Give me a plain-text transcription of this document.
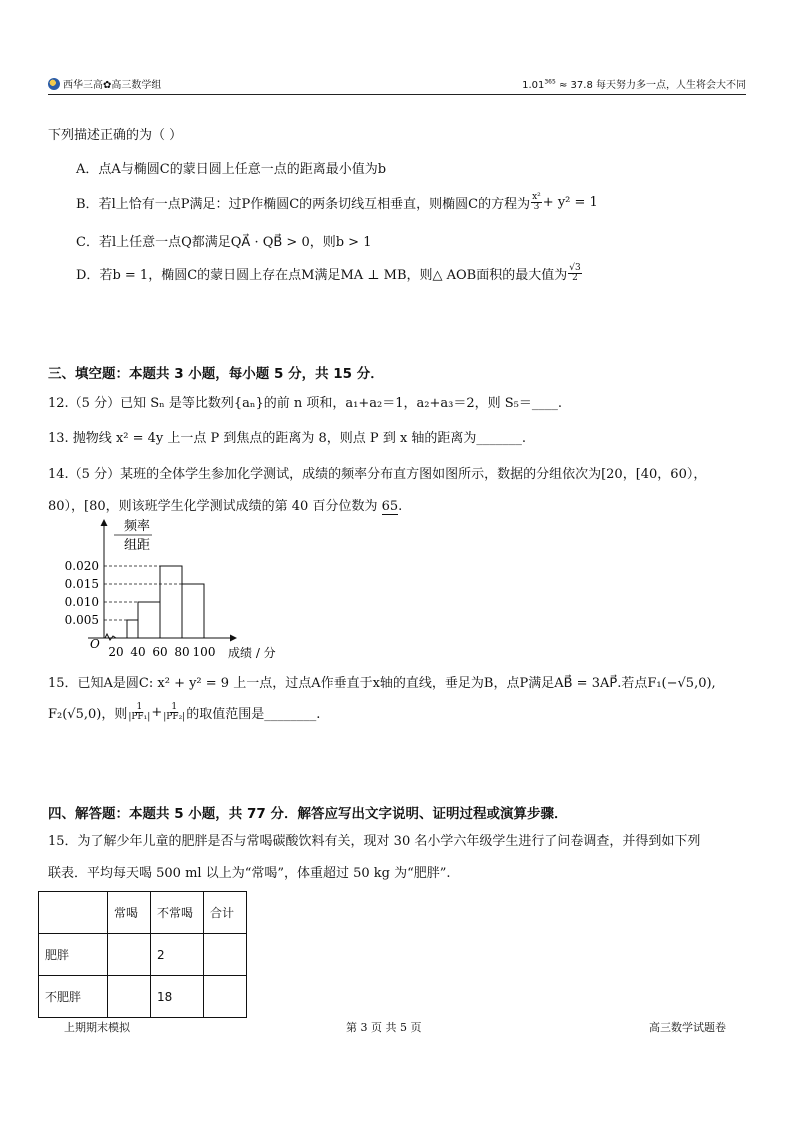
西华三高✿高三数学组	$1.01^{365} \approx 37.8$ 每天努力多一点，人生将会大不同
下列描述正确的为（ ）
A．点A与椭圆C的蒙日圆上任意一点的距离最小值为b
B． 若l上恰有一点P满足：过P作椭圆C的两条切线互相垂直，则椭圆C的方程为 $\frac{\text{x²}}{3} + y^2 = 1$
C．若l上任意一点Q都满足QA⃗ · QB⃗ > 0，则b > 1
D． 若b = 1，椭圆C的蒙日圆上存在点M满足MA ⊥ MB，则△ AOB面积的最大值为 $\frac{√3}{2}$
三、填空题：本题共 3 小题，每小题 5 分，共 15 分．
12.（5 分）已知 Sₙ 是等比数列{aₙ}的前 n 项和，a₁+a₂＝1，a₂+a₃＝2，则 S₅＝____.
13. 抛物线 x² = 4y 上一点 P 到焦点的距离为 8，则点 P 到 x 轴的距离为_______.
14.（5 分）某班的全体学生参加化学测试，成绩的频率分布直方图如图所示，数据的分组依次为[20，[40，60），
80），[80，则该班学生化学测试成绩的第 40 百分位数为 65.
频率
组距
O
成绩 / 分
0.020
0.015
0.010
0.005
20 40 60 80 100
15．已知A是圆C: x² + y² = 9 上一点，过点A作垂直于x轴的直线，垂足为B，点P满足AB⃗ = 3AP⃗.若点F₁(−√5,0),
F₂(√5,0)，则 $\frac{1}{\text{|PF₁|}} + \frac{1}{\text{|PF₂|}}$ 的取值范围是________.
四、解答题：本题共 5 小题，共 77 分．解答应写出文字说明、证明过程或演算步骤．
15．为了解少年儿童的肥胖是否与常喝碳酸饮料有关，现对 30 名小学六年级学生进行了问卷调查，并得到如下列
联表．平均每天喝 500 ml 以上为“常喝”，体重超过 50 kg 为“肥胖”.
	常喝	不常喝	合计
肥胖		2	
不肥胖		18	
上期期末模拟	第 3 页 共 5 页	高三数学试题卷
